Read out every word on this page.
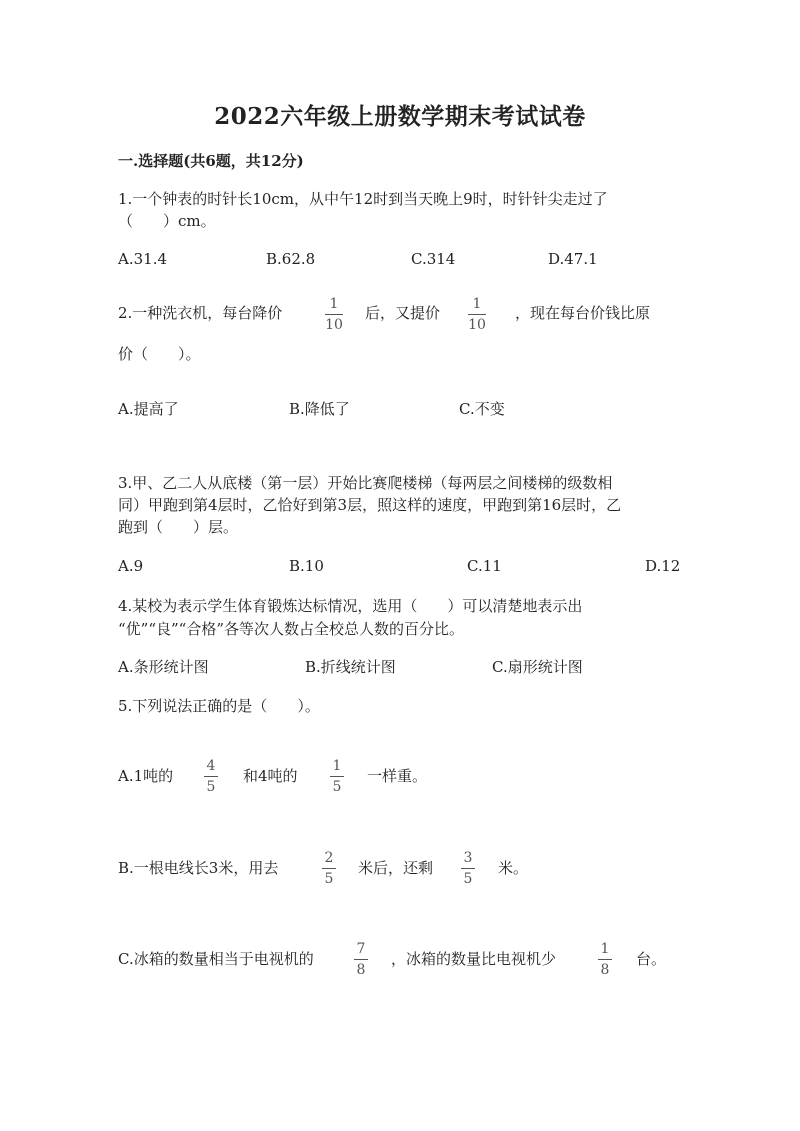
2022六年级上册数学期末考试试卷
一.选择题(共6题，共12分)
1.一个钟表的时针长10cm，从中午12时到当天晚上9时，时针针尖走过了
（　　）cm。
A.31.4	B.62.8	C.314	D.47.1
2.一种洗衣机，每台降价	1
10
后，又提价 1
10
，现在每台价钱比原
价（　　）。
A.提高了	B.降低了	C.不变
3.甲、乙二人从底楼（第一层）开始比赛爬楼梯（每两层之间楼梯的级数相
同）甲跑到第4层时，乙恰好到第3层，照这样的速度，甲跑到第16层时，乙
跑到（　　）层。
A.9	B.10	C.11	D.12
4.某校为表示学生体育锻炼达标情况，选用（　　）可以清楚地表示出
“优”“良”“合格”各等次人数占全校总人数的百分比。
A.条形统计图	B.折线统计图	C.扇形统计图
5.下列说法正确的是（　　）。
A.1吨的
4
5
和4吨的
1
5
一样重。
B.一根电线长3米，用去
2
5
米后，还剩
3
5
米。
C.冰箱的数量相当于电视机的
7
8
，冰箱的数量比电视机少
1
8
台。
